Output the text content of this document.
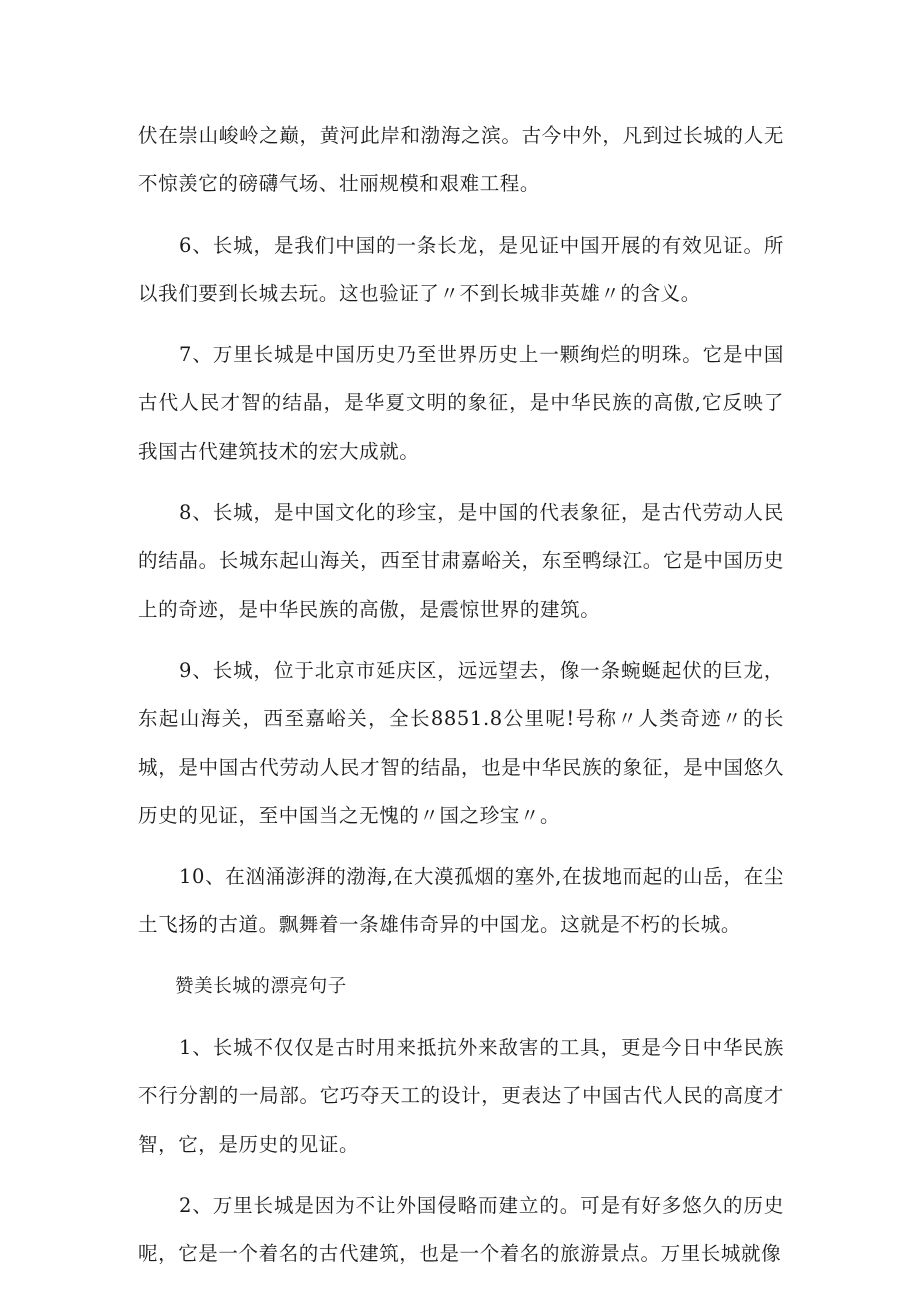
伏在崇山峻岭之巅，黄河此岸和渤海之滨。古今中外，凡到过长城的人无不惊羡它的磅礴气场、壮丽规模和艰难工程。

6、长城，是我们中国的一条长龙，是见证中国开展的有效见证。所以我们要到长城去玩。这也验证了〃不到长城非英雄〃的含义。

7、万里长城是中国历史乃至世界历史上一颗绚烂的明珠。它是中国古代人民才智的结晶，是华夏文明的象征，是中华民族的高傲,它反映了我国古代建筑技术的宏大成就。

8、长城，是中国文化的珍宝，是中国的代表象征，是古代劳动人民的结晶。长城东起山海关，西至甘肃嘉峪关，东至鸭绿江。它是中国历史上的奇迹，是中华民族的高傲，是震惊世界的建筑。

9、长城，位于北京市延庆区，远远望去，像一条蜿蜒起伏的巨龙，东起山海关，西至嘉峪关，全长8851.8公里呢!号称〃人类奇迹〃的长城，是中国古代劳动人民才智的结晶，也是中华民族的象征，是中国悠久历史的见证，至中国当之无愧的〃国之珍宝〃。

10、在汹涌澎湃的渤海,在大漠孤烟的塞外,在拔地而起的山岳，在尘土飞扬的古道。飘舞着一条雄伟奇异的中国龙。这就是不朽的长城。

赞美长城的漂亮句子

1、长城不仅仅是古时用来抵抗外来敌害的工具，更是今日中华民族不行分割的一局部。它巧夺天工的设计，更表达了中国古代人民的高度才智，它，是历史的见证。

2、万里长城是因为不让外国侵略而建立的。可是有好多悠久的历史呢，它是一个着名的古代建筑，也是一个着名的旅游景点。万里长城就像
